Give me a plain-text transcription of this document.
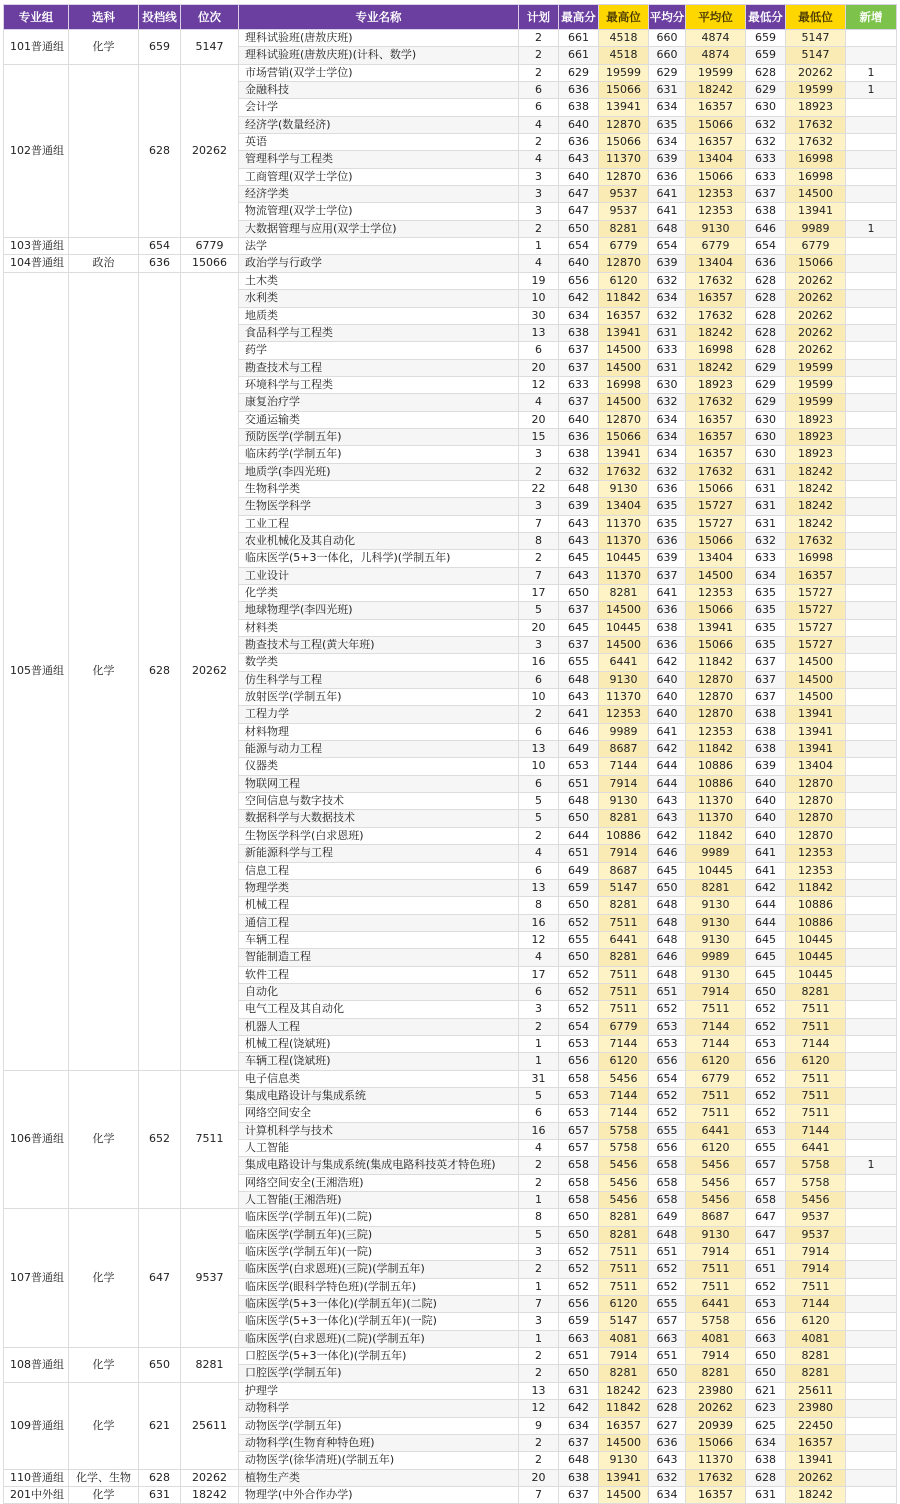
专业组	选科	投档线	位次	专业名称	计划	最高分	最高位	平均分	平均位	最低分	最低位	新增
101普通组	化学	659	5147	理科试验班(唐敖庆班)	2	661	4518	660	4874	659	5147	
				理科试验班(唐敖庆班)(计科、数学)	2	661	4518	660	4874	659	5147	
102普通组		628	20262	市场营销(双学士学位)	2	629	19599	629	19599	628	20262	1
				金融科技	6	636	15066	631	18242	629	19599	1
				会计学	6	638	13941	634	16357	630	18923	
				经济学(数量经济)	4	640	12870	635	15066	632	17632	
				英语	2	636	15066	634	16357	632	17632	
				管理科学与工程类	4	643	11370	639	13404	633	16998	
				工商管理(双学士学位)	3	640	12870	636	15066	633	16998	
				经济学类	3	647	9537	641	12353	637	14500	
				物流管理(双学士学位)	3	647	9537	641	12353	638	13941	
				大数据管理与应用(双学士学位)	2	650	8281	648	9130	646	9989	1
103普通组		654	6779	法学	1	654	6779	654	6779	654	6779	
104普通组	政治	636	15066	政治学与行政学	4	640	12870	639	13404	636	15066	
105普通组	化学	628	20262	土木类	19	656	6120	632	17632	628	20262	
				水利类	10	642	11842	634	16357	628	20262	
				地质类	30	634	16357	632	17632	628	20262	
				食品科学与工程类	13	638	13941	631	18242	628	20262	
				药学	6	637	14500	633	16998	628	20262	
				勘查技术与工程	20	637	14500	631	18242	629	19599	
				环境科学与工程类	12	633	16998	630	18923	629	19599	
				康复治疗学	4	637	14500	632	17632	629	19599	
				交通运输类	20	640	12870	634	16357	630	18923	
				预防医学(学制五年)	15	636	15066	634	16357	630	18923	
				临床药学(学制五年)	3	638	13941	634	16357	630	18923	
				地质学(李四光班)	2	632	17632	632	17632	631	18242	
				生物科学类	22	648	9130	636	15066	631	18242	
				生物医学科学	3	639	13404	635	15727	631	18242	
				工业工程	7	643	11370	635	15727	631	18242	
				农业机械化及其自动化	8	643	11370	636	15066	632	17632	
				临床医学(5+3一体化，儿科学)(学制五年)	2	645	10445	639	13404	633	16998	
				工业设计	7	643	11370	637	14500	634	16357	
				化学类	17	650	8281	641	12353	635	15727	
				地球物理学(李四光班)	5	637	14500	636	15066	635	15727	
				材料类	20	645	10445	638	13941	635	15727	
				勘查技术与工程(黄大年班)	3	637	14500	636	15066	635	15727	
				数学类	16	655	6441	642	11842	637	14500	
				仿生科学与工程	6	648	9130	640	12870	637	14500	
				放射医学(学制五年)	10	643	11370	640	12870	637	14500	
				工程力学	2	641	12353	640	12870	638	13941	
				材料物理	6	646	9989	641	12353	638	13941	
				能源与动力工程	13	649	8687	642	11842	638	13941	
				仪器类	10	653	7144	644	10886	639	13404	
				物联网工程	6	651	7914	644	10886	640	12870	
				空间信息与数字技术	5	648	9130	643	11370	640	12870	
				数据科学与大数据技术	5	650	8281	643	11370	640	12870	
				生物医学科学(白求恩班)	2	644	10886	642	11842	640	12870	
				新能源科学与工程	4	651	7914	646	9989	641	12353	
				信息工程	6	649	8687	645	10445	641	12353	
				物理学类	13	659	5147	650	8281	642	11842	
				机械工程	8	650	8281	648	9130	644	10886	
				通信工程	16	652	7511	648	9130	644	10886	
				车辆工程	12	655	6441	648	9130	645	10445	
				智能制造工程	4	650	8281	646	9989	645	10445	
				软件工程	17	652	7511	648	9130	645	10445	
				自动化	6	652	7511	651	7914	650	8281	
				电气工程及其自动化	3	652	7511	652	7511	652	7511	
				机器人工程	2	654	6779	653	7144	652	7511	
				机械工程(饶斌班)	1	653	7144	653	7144	653	7144	
				车辆工程(饶斌班)	1	656	6120	656	6120	656	6120	
106普通组	化学	652	7511	电子信息类	31	658	5456	654	6779	652	7511	
				集成电路设计与集成系统	5	653	7144	652	7511	652	7511	
				网络空间安全	6	653	7144	652	7511	652	7511	
				计算机科学与技术	16	657	5758	655	6441	653	7144	
				人工智能	4	657	5758	656	6120	655	6441	
				集成电路设计与集成系统(集成电路科技英才特色班)	2	658	5456	658	5456	657	5758	1
				网络空间安全(王湘浩班)	2	658	5456	658	5456	657	5758	
				人工智能(王湘浩班)	1	658	5456	658	5456	658	5456	
107普通组	化学	647	9537	临床医学(学制五年)(二院)	8	650	8281	649	8687	647	9537	
				临床医学(学制五年)(三院)	5	650	8281	648	9130	647	9537	
				临床医学(学制五年)(一院)	3	652	7511	651	7914	651	7914	
				临床医学(白求恩班)(三院)(学制五年)	2	652	7511	652	7511	651	7914	
				临床医学(眼科学特色班)(学制五年)	1	652	7511	652	7511	652	7511	
				临床医学(5+3一体化)(学制五年)(二院)	7	656	6120	655	6441	653	7144	
				临床医学(5+3一体化)(学制五年)(一院)	3	659	5147	657	5758	656	6120	
				临床医学(白求恩班)(二院)(学制五年)	1	663	4081	663	4081	663	4081	
108普通组	化学	650	8281	口腔医学(5+3一体化)(学制五年)	2	651	7914	651	7914	650	8281	
				口腔医学(学制五年)	2	650	8281	650	8281	650	8281	
109普通组	化学	621	25611	护理学	13	631	18242	623	23980	621	25611	
				动物科学	12	642	11842	628	20262	623	23980	
				动物医学(学制五年)	9	634	16357	627	20939	625	22450	
				动物科学(生物育种特色班)	2	637	14500	636	15066	634	16357	
				动物医学(徐华清班)(学制五年)	2	648	9130	643	11370	638	13941	
110普通组	化学、生物	628	20262	植物生产类	20	638	13941	632	17632	628	20262	
201中外组	化学	631	18242	物理学(中外合作办学)	7	637	14500	634	16357	631	18242	
